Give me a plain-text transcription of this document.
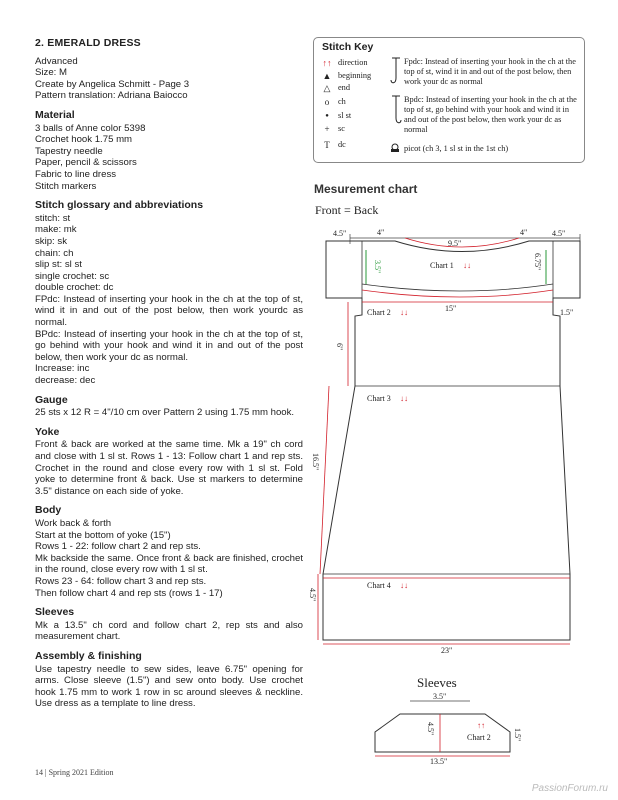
2. EMERALD DRESS

Advanced

Size: M

Create by Angelica Schmitt - Page 3

Pattern translation: Adriana Baiocco

Material

3 balls of Anne color 5398

Crochet hook 1.75 mm

Tapestry needle

Paper, pencil & scissors

Fabric to line dress

Stitch markers

Stitch glossary and abbreviations

stitch: st

make: mk

skip: sk

chain: ch

slip st: sl st

single crochet: sc

double crochet: dc

FPdc: Instead of inserting your hook in the ch at the top of st, wind it in and out of the post below, then work yourdc as normal.

BPdc: Instead of inserting your hook in the ch at the top of st, go behind with your hook and wind it in and out of the post below, then work your dc as normal.

Increase: inc

decrease: dec

Gauge

25 sts x 12 R = 4"/10 cm over Pattern 2 using 1.75 mm hook.

Yoke

Front & back are worked at the same time. Mk a 19" ch cord and close with 1 sl st. Rows 1 - 13: Follow chart 1 and rep sts. Crochet in the round and close every row with 1 sl st. Fold yoke to determine front & back. Use st markers to determine 3.5" distance on each side of yoke.

Body

Work back & forth

Start at the bottom of yoke (15")

Rows 1 - 22: follow chart 2 and rep sts.

Mk backside the same. Once front & back are finished, crochet in the round, close every row with 1 sl st.

Rows 23 - 64: follow chart 3 and rep sts.

Then follow chart 4 and rep sts (rows 1 - 17)

Sleeves

Mk a 13.5" ch cord and follow chart 2, rep sts and also measurement chart.

Assembly & finishing

Use tapestry needle to sew sides, leave 6.75" opening for arms. Close sleeve (1.5") and sew onto body. Use crochet hook 1.75 mm to work 1 row in sc around sleeves & neckline. Use dress as a template to line dress.

Stitch Key
↑↑ direction
▲ beginning
△ end
o	ch
●	sl st
+	sc
T dc
Fpdc: Instead of inserting your hook in the ch at the top of st, wind it in and out of the post below, then work your dc as normal
Bpdc: Instead of inserting your hook in the ch at the top of st, go behind with your hook and wind it in and out of the post below, then work your dc as normal
picot (ch 3, 1 sl st in the 1st ch)
Mesurement chart
Front = Back
4.5"	4"	4"	4.5"
9.5"
3.5"	6.75"
Chart 1 ↓↓
15"
Chart 2 ↓↓	1.5"
6"
Chart 3 ↓↓
16.5"
Chart 4 ↓↓
4.5"
23"
Sleeves
3.5"
4.5"	1.5"
↑↑
Chart 2
13.5"
14 | Spring 2021 Edition
PassionForum.ru
